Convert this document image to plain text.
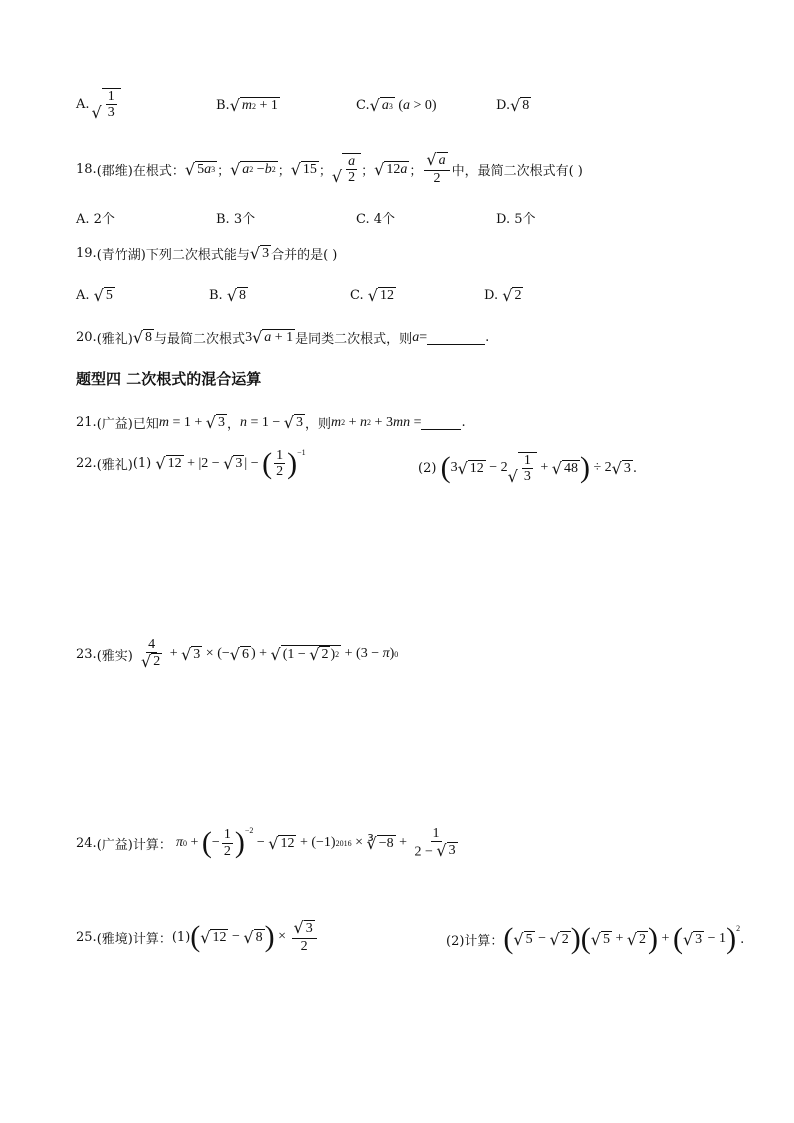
A. √ $\frac{1}{3}$	B. √ m 2 + 1	C. √ a 3 ( a > 0)	D. √ 8
18. (郡维) 在根式： √ 5 a 3 ； √ a 2 − b 2 ； √ 15 ； √ $\frac{a}{2}$ ； √ 12 a ； $\frac{√ a}{2}$ 中，最简二次根式有( )
A. 2个	B. 3个	C. 4个	D. 5个
19. (青竹湖) 下列二次根式能与 √ 3 合并的是( )
A.
√ 5	B.
√ 8	C.
√ 12	D.
√ 2
20. (雅礼) √ 8 与最简二次根式 3 √ a + 1 是同类二次根式，则 a =	.
题型四 二次根式的混合运算
21. (广益) 已知 m = 1 + √ 3 ， n = 1 − √ 3 ，则 m 2 + n 2 + 3 mn =	.
22. (雅礼) (1)
√ 12 + |2 − √ 3 | − ( $\frac{1}{2}$ ) −1
(2)
( 3 √ 12 − 2 √ $\frac{1}{3}$ + √ 48 ) ÷ 2 √ 3 .
23. (雅实)
$\frac{4}{√ 2}$ + √ 3 × (− √ 6 ) + √ (1 − √ 2 ) 2 + (3 − π ) 0
24. (广益) 计算：
π 0 + ( − $\frac{1}{2}$ ) −2
− √ 12 + (−1) 2016 × ∛ $-8 + \frac{1}{2 - √ 3}$
25. (雅境) 计算： (1) ( √ 12 − √ 8 ) × $\frac{√ 3}{2}$	(2)计算： ( √ 5 − √ 2 ) ( √ 5 + √ 2 ) + ( √ 3 − 1 ) 2
.
